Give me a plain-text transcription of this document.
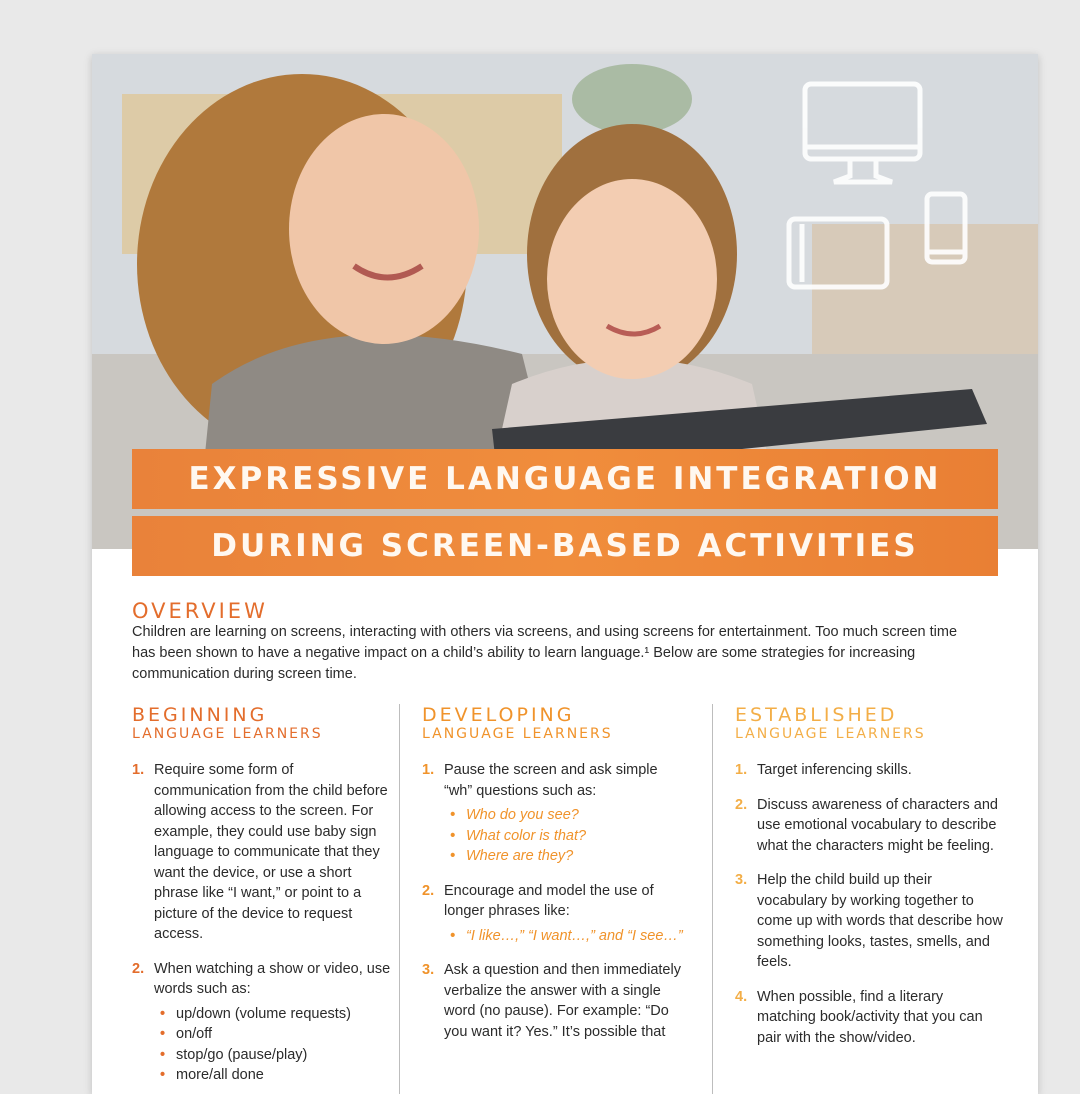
EXPRESSIVE LANGUAGE INTEGRATION
DURING SCREEN-BASED ACTIVITIES
OVERVIEW
Children are learning on screens, interacting with others via screens, and using screens for entertainment. Too much screen time has been shown to have a negative impact on a child’s ability to learn language.¹ Below are some strategies for increasing communication during screen time.
BEGINNING
LANGUAGE LEARNERS
1. Require some form of communication from the child before allowing access to the screen. For example, they could use baby sign language to communicate that they want the device, or use a short phrase like “I want,” or point to a picture of the device to request access.
2. When watching a show or video, use words such as:
• up/down (volume requests)
• on/off
• stop/go (pause/play)
• more/all done
DEVELOPING
LANGUAGE LEARNERS
1. Pause the screen and ask simple “wh” questions such as:
• Who do you see?
• What color is that?
• Where are they?
2. Encourage and model the use of longer phrases like:
• “I like…,” “I want…,” and “I see…”
3. Ask a question and then immediately verbalize the answer with a single word (no pause). For example: “Do you want it? Yes.” It’s possible that
ESTABLISHED
LANGUAGE LEARNERS
1. Target inferencing skills.
2. Discuss awareness of characters and use emotional vocabulary to describe what the characters might be feeling.
3. Help the child build up their vocabulary by working together to come up with words that describe how something looks, tastes, smells, and feels.
4. When possible, find a literary matching book/activity that you can pair with the show/video.
